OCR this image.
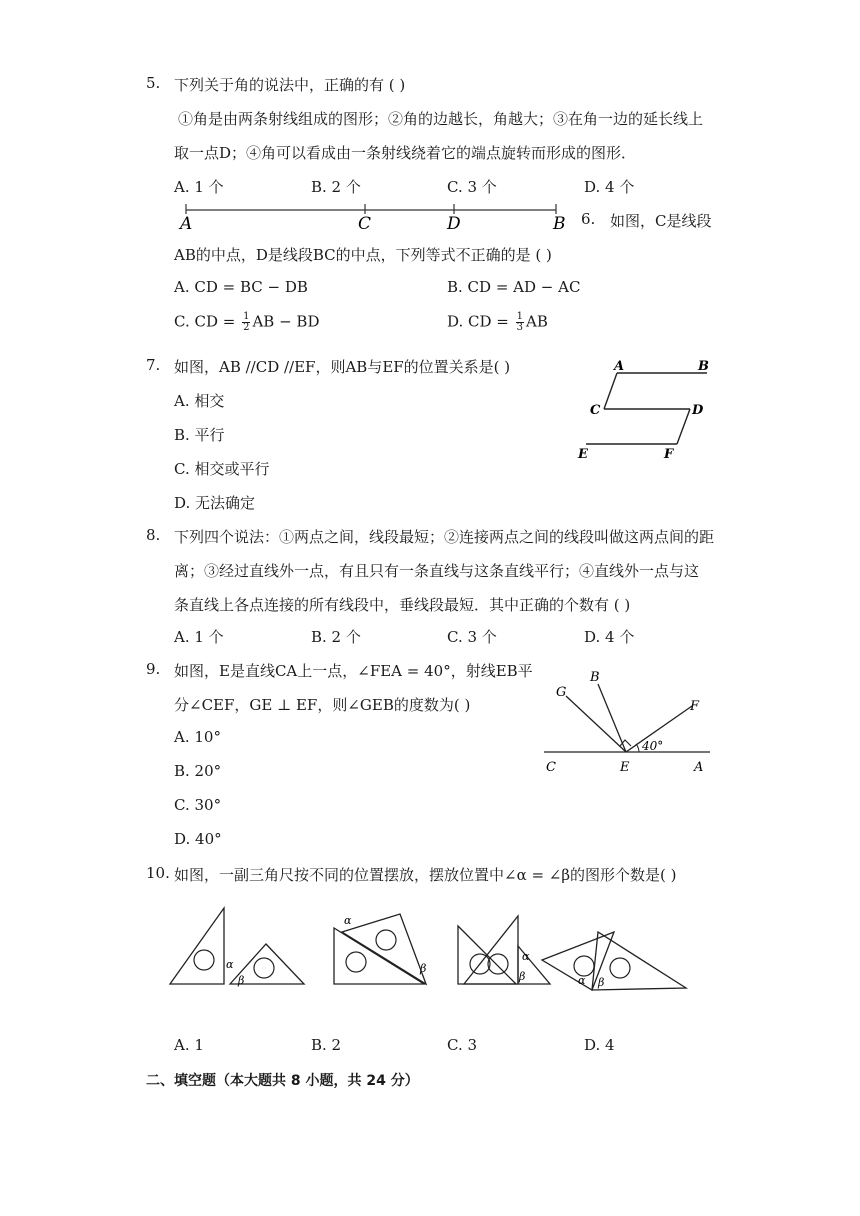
5. 下列关于角的说法中，正确的有 ( )
①角是由两条射线组成的图形；②角的边越长，角越大；③在角一边的延长线上
取一点D；④角可以看成由一条射线绕着它的端点旋转而形成的图形．
A. 1 个	B. 2 个	C. 3 个	D. 4 个
A	C	D	B 6. 如图，C是线段
AB的中点，D是线段BC的中点，下列等式不正确的是 ( )
A. CD = BC − DB	B. CD = AD − AC
C. CD = $\frac{1}{2}$ AB − BD	D. CD = $\frac{1}{3}$ AB
7. 如图，AB //CD //EF，则AB与EF的位置关系是( )
A. 相交
B. 平行
C. 相交或平行
D. 无法确定
A	B
C	D
E	F
8. 下列四个说法：①两点之间，线段最短；②连接两点之间的线段叫做这两点间的距
离；③经过直线外一点，有且只有一条直线与这条直线平行；④直线外一点与这
条直线上各点连接的所有线段中，垂线段最短．其中正确的个数有 ( )
A. 1 个	B. 2 个	C. 3 个	D. 4 个
9. 如图，E是直线CA上一点，∠FEA = 40°，射线EB平
分∠CEF，GE ⊥ EF，则∠GEB的度数为( )
A. 10°
B. 20°
C. 30°
D. 40°
G
B
F
C	E	A
40°
10. 如图，一副三角尺按不同的位置摆放，摆放位置中∠α = ∠β的图形个数是( )
α
β
α
β
α
β	α β
A. 1	B. 2	C. 3	D. 4
二、填空题（本大题共 8 小题，共 24 分）
